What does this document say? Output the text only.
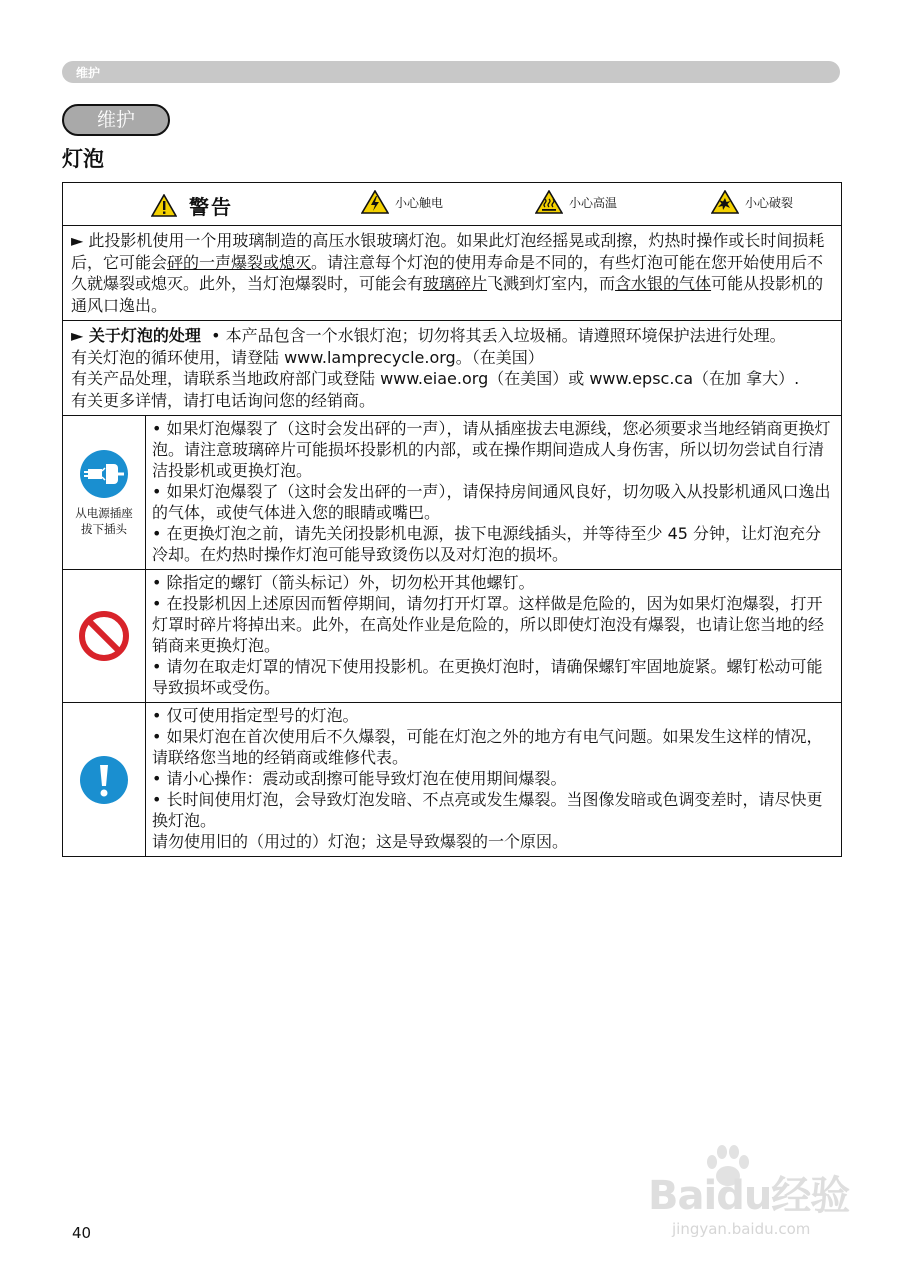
维护
维护
灯泡
警告	小心触电	小心高温	小心破裂

► 此投影机使用一个用玻璃制造的高压水银玻璃灯泡。如果此灯泡经摇晃或刮擦，灼热时操作或长时间损耗后，它可能会砰的一声爆裂或熄灭。请注意每个灯泡的使用寿命是不同的，有些灯泡可能在您开始使用后不久就爆裂或熄灭。此外，当灯泡爆裂时，可能会有玻璃碎片飞溅到灯室内，而含水银的气体可能从投影机的通风口逸出。

► 关于灯泡的处理 • 本产品包含一个水银灯泡；切勿将其丢入垃圾桶。请遵照环境保护法进行处理。

有关灯泡的循环使用，请登陆 www.lamprecycle.org。（在美国）

有关产品处理，请联系当地政府部门或登陆 www.eiae.org（在美国）或 www.epsc.ca（在加 拿大）.

有关更多详情，请打电话询问您的经销商。

从电源插座
拔下插头

• 如果灯泡爆裂了（这时会发出砰的一声），请从插座拔去电源线，您必须要求当地经销商更换灯泡。请注意玻璃碎片可能损坏投影机的内部，或在操作期间造成人身伤害，所以切勿尝试自行清洁投影机或更换灯泡。

• 如果灯泡爆裂了（这时会发出砰的一声），请保持房间通风良好，切勿吸入从投影机通风口逸出的气体，或使气体进入您的眼睛或嘴巴。

• 在更换灯泡之前，请先关闭投影机电源，拔下电源线插头，并等待至少 45 分钟，让灯泡充分冷却。在灼热时操作灯泡可能导致烫伤以及对灯泡的损坏。

• 除指定的螺钉（箭头标记）外，切勿松开其他螺钉。

• 在投影机因上述原因而暂停期间，请勿打开灯罩。这样做是危险的，因为如果灯泡爆裂，打开灯罩时碎片将掉出来。此外，在高处作业是危险的，所以即使灯泡没有爆裂，也请让您当地的经销商来更换灯泡。

• 请勿在取走灯罩的情况下使用投影机。在更换灯泡时，请确保螺钉牢固地旋紧。螺钉松动可能导致损坏或受伤。

• 仅可使用指定型号的灯泡。

• 如果灯泡在首次使用后不久爆裂，可能在灯泡之外的地方有电气问题。如果发生这样的情况，请联络您当地的经销商或维修代表。

• 请小心操作：震动或刮擦可能导致灯泡在使用期间爆裂。

• 长时间使用灯泡，会导致灯泡发暗、不点亮或发生爆裂。当图像发暗或色调变差时，请尽快更换灯泡。

请勿使用旧的（用过的）灯泡；这是导致爆裂的一个原因。

40
Baidu经验
jingyan.baidu.com
